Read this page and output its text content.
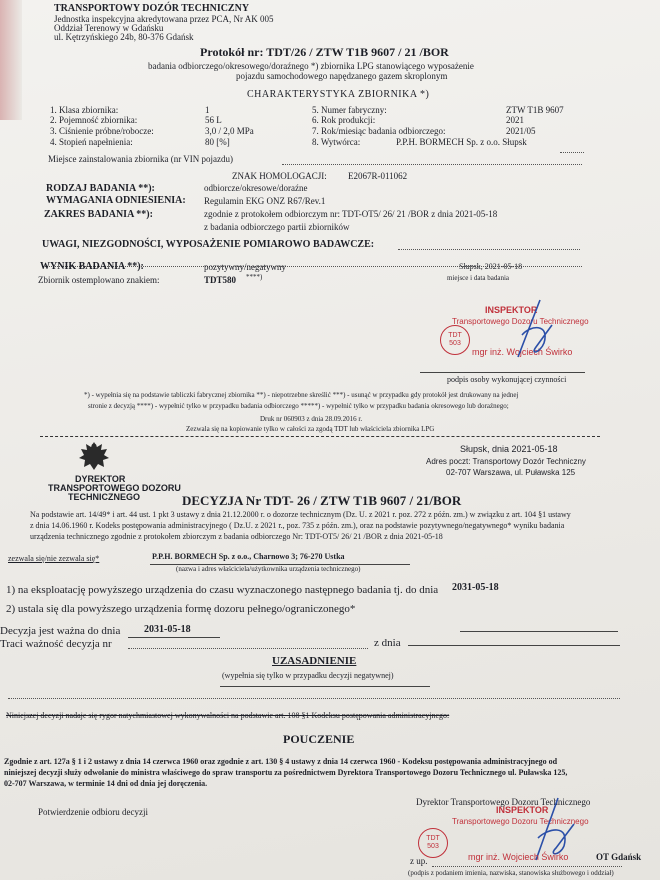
TRANSPORTOWY DOZÓR TECHNICZNY
Jednostka inspekcyjna akredytowana przez PCA, Nr AK 005
Oddział Terenowy w Gdańsku
ul. Kętrzyńskiego 24b, 80-376 Gdańsk
Protokół nr: TDT/26 / ZTW T1B 9607 / 21 /BOR
badania odbiorczego/okresowego/doraźnego *) zbiornika LPG stanowiącego wyposażenie
pojazdu samochodowego napędzanego gazem skroplonym
CHARAKTERYSTYKA ZBIORNIKA *)
1. Klasa zbiornika:	1
2. Pojemność zbiornika:	56 L
3. Ciśnienie próbne/robocze:	3,0 / 2,0 MPa
4. Stopień napełnienia:	80 [%]
5. Numer fabryczny:	ZTW T1B 9607
6. Rok produkcji:	2021
7. Rok/miesiąc badania odbiorczego:	2021/05
8. Wytwórca:	P.P.H. BORMECH Sp. z o.o. Słupsk
Miejsce zainstalowania zbiornika (nr VIN pojazdu)
ZNAK HOMOLOGACJI: E2067R-011062
RODZAJ BADANIA **):	odbiorcze/okresowe/doraźne
WYMAGANIA ODNIESIENIA: Regulamin EKG ONZ R67/Rev.1
ZAKRES BADANIA **):	zgodnie z protokołem odbiorczym nr: TDT-OT5/ 26/ 21 /BOR z dnia 2021-05-18
z badania odbiorczego partii zbiorników
UWAGI, NIEZGODNOŚCI, WYPOSAŻENIE POMIAROWO BADAWCZE:
WYNIK BADANIA **):	pozytywny/negatywny
Zbiornik ostemplowano znakiem:	TDT580 ****)
Słupsk, 2021-05-18
miejsce i data badania
INSPEKTOR
Transportowego Dozoru Technicznego
TDT
503
mgr inż. Wojciech Świrko
podpis osoby wykonującej czynności
*) - wypełnia się na podstawie tabliczki fabrycznej zbiornika **) - niepotrzebne skreślić ***) - usunąć w przypadku gdy protokół jest drukowany na jednej
stronie z decyzją ****) - wypełnić tylko w przypadku badania odbiorczego *****) - wypełnić tylko w przypadku badania okresowego lub doraźnego;
Druk nr 060903 z dnia 28.09.2016 r.
Zezwala się na kopiowanie tylko w całości za zgodą TDT lub właściciela zbiornika LPG
DYREKTOR
TRANSPORTOWEGO DOZORU
TECHNICZNEGO
Słupsk, dnia 2021-05-18
Adres poczt: Transportowy Dozór Techniczny
02-707 Warszawa, ul. Puławska 125
DECYZJA Nr TDT- 26 / ZTW T1B 9607 / 21/BOR
Na podstawie art. 14/49* i art. 44 ust. 1 pkt 3 ustawy z dnia 21.12.2000 r. o dozorze technicznym (Dz. U. z 2021 r. poz. 272 z późn. zm.) w związku z art. 104 §1 ustawy
z dnia 14.06.1960 r. Kodeks postępowania administracyjnego ( Dz.U. z 2021 r., poz. 735 z późn. zm.), oraz na podstawie pozytywnego/negatywnego* wyniku badania
urządzenia technicznego zgodnie z protokołem zbiorczym z badania odbiorczego Nr: TDT-OT5/ 26/ 21 /BOR z dnia 2021-05-18
zezwala się/nie zezwala się*	P.P.H. BORMECH Sp. z o.o., Charnowo 3; 76-270 Ustka
(nazwa i adres właściciela/użytkownika urządzenia technicznego)
1) na eksploatację powyższego urządzenia do czasu wyznaczonego następnego badania tj. do dnia 2031-05-18
2) ustala się dla powyższego urządzenia formę dozoru pełnego/ograniczonego*
Decyzja jest ważna do dnia 2031-05-18
Traci ważność decyzja nr	z dnia
UZASADNIENIE
(wypełnia się tylko w przypadku decyzji negatywnej)
Niniejszej decyzji nadaje się rygor natychmiastowej wykonywalności na podstawie art. 108 §1 Kodeksu postępowania administracyjnego:
POUCZENIE
Zgodnie z art. 127a § 1 i 2 ustawy z dnia 14 czerwca 1960 oraz zgodnie z art. 130 § 4 ustawy z dnia 14 czerwca 1960 - Kodeksu postępowania administracyjnego od
niniejszej decyzji służy odwołanie do ministra właściwego do spraw transportu za pośrednictwem Dyrektora Transportowego Dozoru Technicznego ul. Puławska 125,
02-707 Warszawa, w terminie 14 dni od dnia jej doręczenia.
Potwierdzenie odbioru decyzji
Dyrektor Transportowego Dozoru Technicznego
INSPEKTOR
Transportowego Dozoru Technicznego
TDT
503
z up.	mgr inż. Wojciech Świrko	OT Gdańsk
(podpis z podaniem imienia, nazwiska, stanowiska służbowego i oddział)
